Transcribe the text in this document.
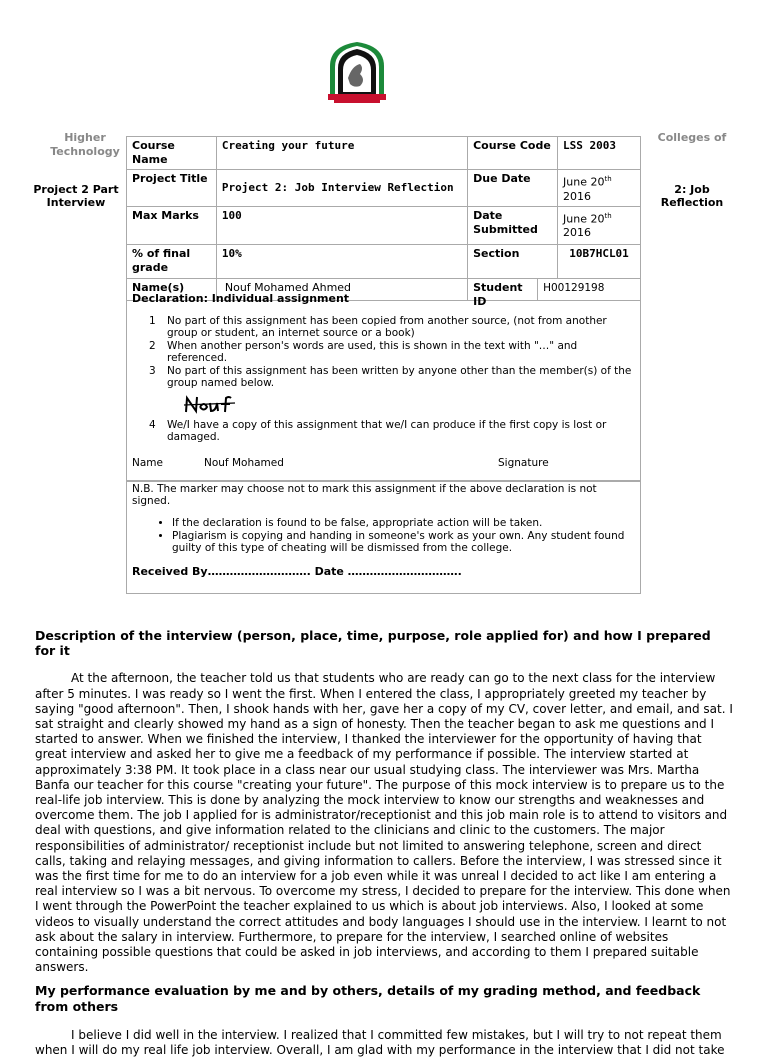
Higher Technology
Project 2 Part Interview
Colleges of
2: Job Reflection
Course Name	Creating your future	Course Code		LSS 2003
Project Title	Project 2: Job Interview Reflection	Due Date		June 20th
2016
Max Marks	100	Date Submitted		June 20th
2016
% of final grade	10%	Section		10B7HCL01
Name(s)	Nouf Mohamed Ahmed	Student ID	H00129198	
Declaration: Individual assignment
1 No part of this assignment has been copied from another source, (not from another group or student, an internet source or a book)
2 When another person's words are used, this is shown in the text with "…" and referenced.
3 No part of this assignment has been written by anyone other than the member(s) of the group named below.
4 We/I have a copy of this assignment that we/I can produce if the first copy is lost or damaged.
Name	Nouf Mohamed	Signature
N.B. The marker may choose not to mark this assignment if the above declaration is not signed.
• If the declaration is found to be false, appropriate action will be taken.
• Plagiarism is copying and handing in someone's work as your own. Any student found guilty of this type of cheating will be dismissed from the college.
Received By………………………. Date ………………………….
Description of the interview (person, place, time, purpose, role applied for) and how I prepared for it

At the afternoon, the teacher told us that students who are ready can go to the next class for the interview after 5 minutes. I was ready so I went the first. When I entered the class, I appropriately greeted my teacher by saying "good afternoon". Then, I shook hands with her, gave her a copy of my CV, cover letter, and email, and sat. I sat straight and clearly showed my hand as a sign of honesty. Then the teacher began to ask me questions and I started to answer. When we finished the interview, I thanked the interviewer for the opportunity of having that great interview and asked her to give me a feedback of my performance if possible. The interview started at approximately 3:38 PM. It took place in a class near our usual studying class. The interviewer was Mrs. Martha Banfa our teacher for this course "creating your future". The purpose of this mock interview is to prepare us to the real-life job interview. This is done by analyzing the mock interview to know our strengths and weaknesses and overcome them. The job I applied for is administrator/receptionist and this job main role is to attend to visitors and deal with questions, and give information related to the clinicians and clinic to the customers. The major responsibilities of administrator/ receptionist include but not limited to answering telephone, screen and direct calls, taking and relaying messages, and giving information to callers. Before the interview, I was stressed since it was the first time for me to do an interview for a job even while it was unreal I decided to act like I am entering a real interview so I was a bit nervous. To overcome my stress, I decided to prepare for the interview. This done when I went through the PowerPoint the teacher explained to us which is about job interviews. Also, I looked at some videos to visually understand the correct attitudes and body languages I should use in the interview. I learnt to not ask about the salary in interview. Furthermore, to prepare for the interview, I searched online of websites containing possible questions that could be asked in job interviews, and according to them I prepared suitable answers.

My performance evaluation by me and by others, details of my grading method, and feedback from others

I believe I did well in the interview. I realized that I committed few mistakes, but I will try to not repeat them when I will do my real life job interview. Overall, I am glad with my performance in the interview that I did not take
